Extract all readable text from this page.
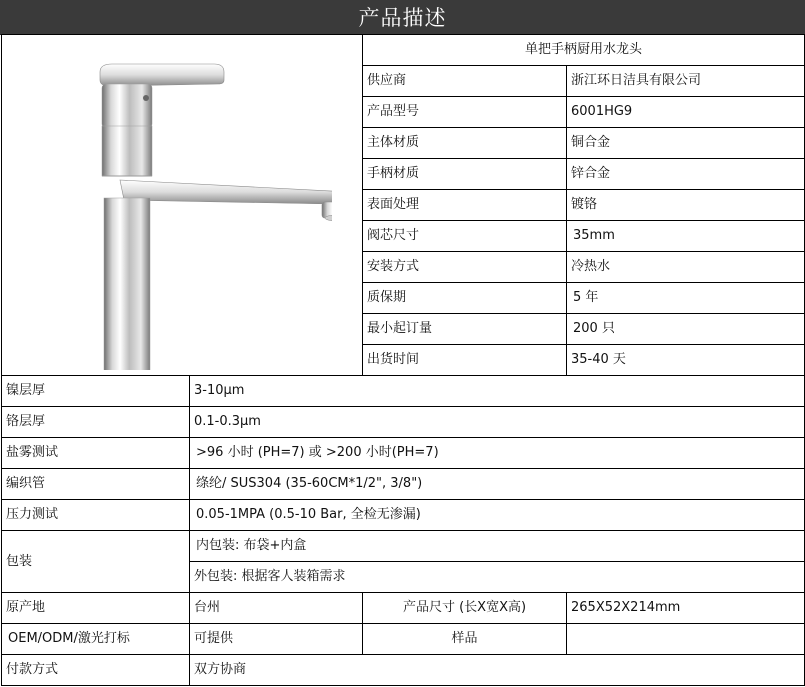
产品描述
	单把手柄厨用水龙头	
		供应商	浙江环日洁具有限公司
		产品型号	6001HG9
		主体材质	铜合金
		手柄材质	锌合金
		表面处理	镀铬
		阀芯尺寸	35mm
		安装方式	冷热水
		质保期	5 年
		最小起订量	200 只
		出货时间	35-40 天
镍层厚	3-10μm		
铬层厚	0.1-0.3μm		
盐雾测试	>96 小时 (PH=7) 或 >200 小时(PH=7)		
编织管	绦纶/ SUS304 (35-60CM*1/2", 3/8")		
压力测试	0.05-1MPA (0.5-10 Bar, 全检无渗漏)		
包装	内包装: 布袋+内盒		
	外包装: 根据客人装箱需求		
原产地	台州	产品尺寸 (长X宽X高)	265X52X214mm
OEM/ODM/激光打标	可提供	样品	
付款方式	双方协商		
